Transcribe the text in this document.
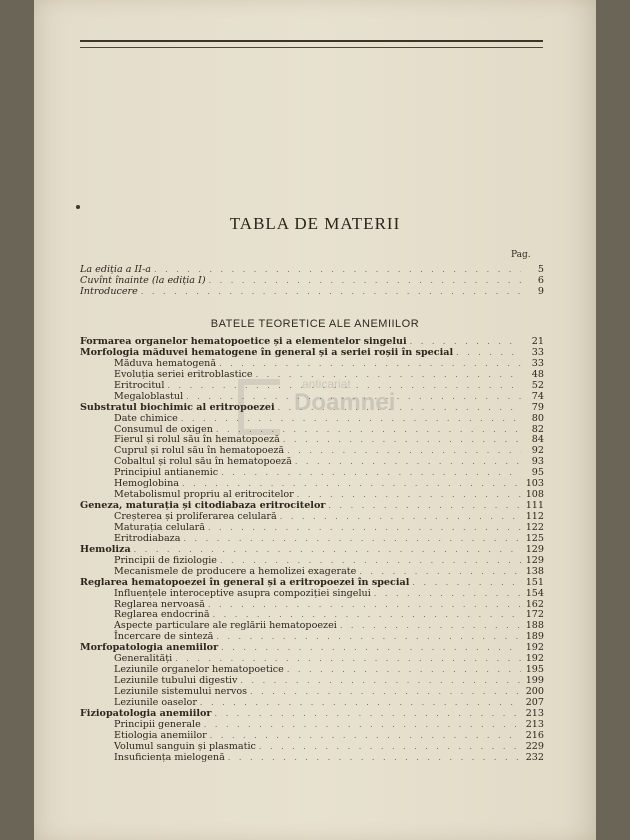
TABLA DE MATERII
Pag.
La ediția a II-a . . .	5
Cuvînt înainte (la ediția I) . . .	6
Introducere . . .	9
BATELE TEORETICE ALE ANEMIILOR
Formarea organelor hematopoetice și a elementelor singelui . . .	21
Morfologia măduvei hematogene în general și a seriei roșii în special . . .	33
Măduva hematogenă . . .	33
Evoluția seriei eritroblastice . . .	48
Eritrocitul . . .	52
Megaloblastul . . .	74
Substratul biochimic al eritropoezei . . .	79
Date chimice . . .	80
Consumul de oxigen . . .	82
Fierul și rolul său în hematopoeză . . .	84
Cuprul și rolul său în hematopoeză . . .	92
Cobaltul și rolul său în hematopoeză . . .	93
Principiul antianemic . . .	95
Hemoglobina . . .	103
Metabolismul propriu al eritrocitelor . . .	108
Geneza, maturația și citodiabaza eritrocitelor . . .	111
Creșterea și proliferarea celulară . . .	112
Maturația celulară . . .	122
Eritrodiabaza . . .	125
Hemoliza . . .	129
Principii de fiziologie . . .	129
Mecanismele de producere a hemolizei exagerate . . .	138
Reglarea hematopoezei în general și a eritropoezei în special . . .	151
Influențele interoceptive asupra compoziției singelui . . .	154
Reglarea nervoasă . . .	162
Reglarea endocrină . . .	172
Aspecte particulare ale reglării hematopoezei . . .	188
Încercare de sinteză . . .	189
Morfopatologia anemiilor . . .	192
Generalități . . .	192
Leziunile organelor hematopoetice . . .	195
Leziunile tubului digestiv . . .	199
Leziunile sistemului nervos . . .	200
Leziunile oaselor . . .	207
Fiziopatologia anemiilor . . .	213
Principii generale . . .	213
Etiologia anemiilor . . .	216
Volumul sanguin și plasmatic . . .	229
Insuficiența mielogenă . . .	232
anticariat
Doamnei
